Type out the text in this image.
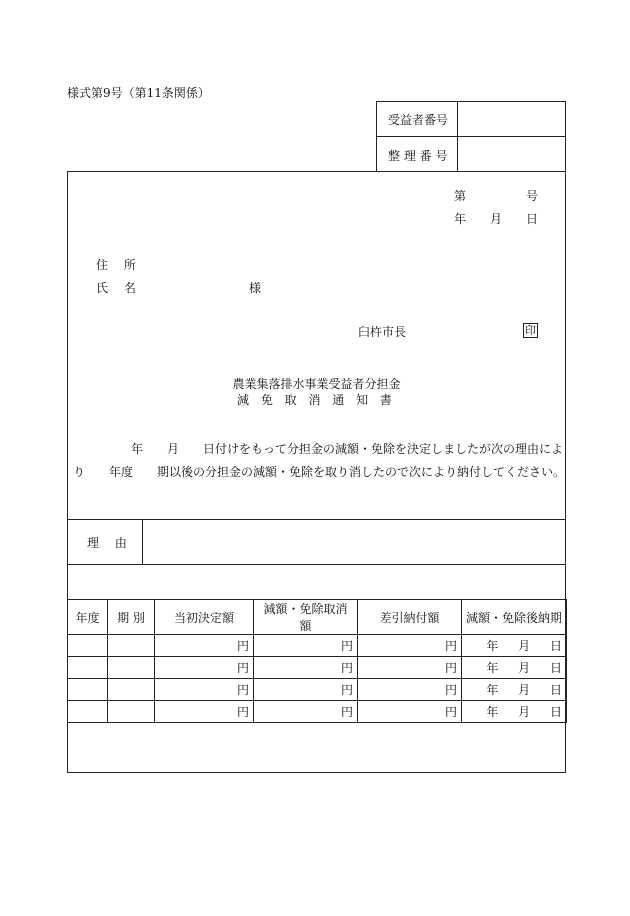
様式第9号（第11条関係）
受益者番号
整 理 番 号
第	号
年 月 日
住 所
氏 名	様
臼杵市長	印
農業集落排水事業受益者分担金
減 免 取 消 通 知 書
年　　月　　日付けをもって分担金の減額・免除を決定しましたが次の理由によ
り　　年度　　期以後の分担金の減額・免除を取り消したので次により納付してください。
理 由
年度	期 別	当初決定額	減額・免除取消額	差引納付額	減額・免除後納期
		円	円	円	年 月 日
		円	円	円	年 月 日
		円	円	円	年 月 日
		円	円	円	年 月 日
